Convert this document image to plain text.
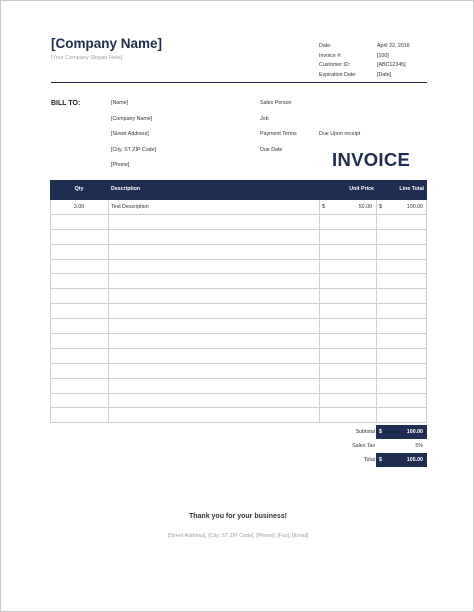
[Company Name]
[Your Company Slogan Here]
Date:	April 22, 2016
Invoice #:	[100]
Customer ID:	[ABC12345]
Expiration Date:	[Date]
BILL TO:	[Name]
[Company Name]
[Street Address]
[City, ST ZIP Code]
[Phone]
Sales Person
Job
Payment Terms	Due Upon receipt
Due Date	INVOICE
Qty	Description	Unit Price	Line Total
3.00	Test Description	$	50.00 $	100.00
Subtotal $	100.00
Sales Tax	5%
Total $	105.00
Thank you for your business!
[Street Address], [City, ST ZIP Code], [Phone], [Fax], [Email]
